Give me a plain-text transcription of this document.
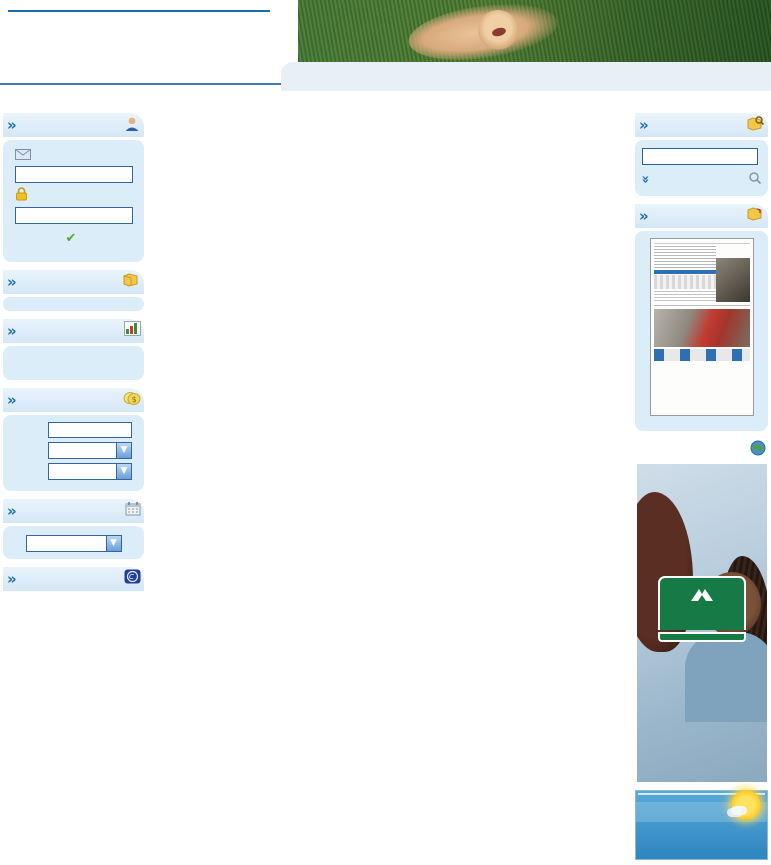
»
✔
»
»
»	$
▼
▼
»
▼
»	C
»
»
»
